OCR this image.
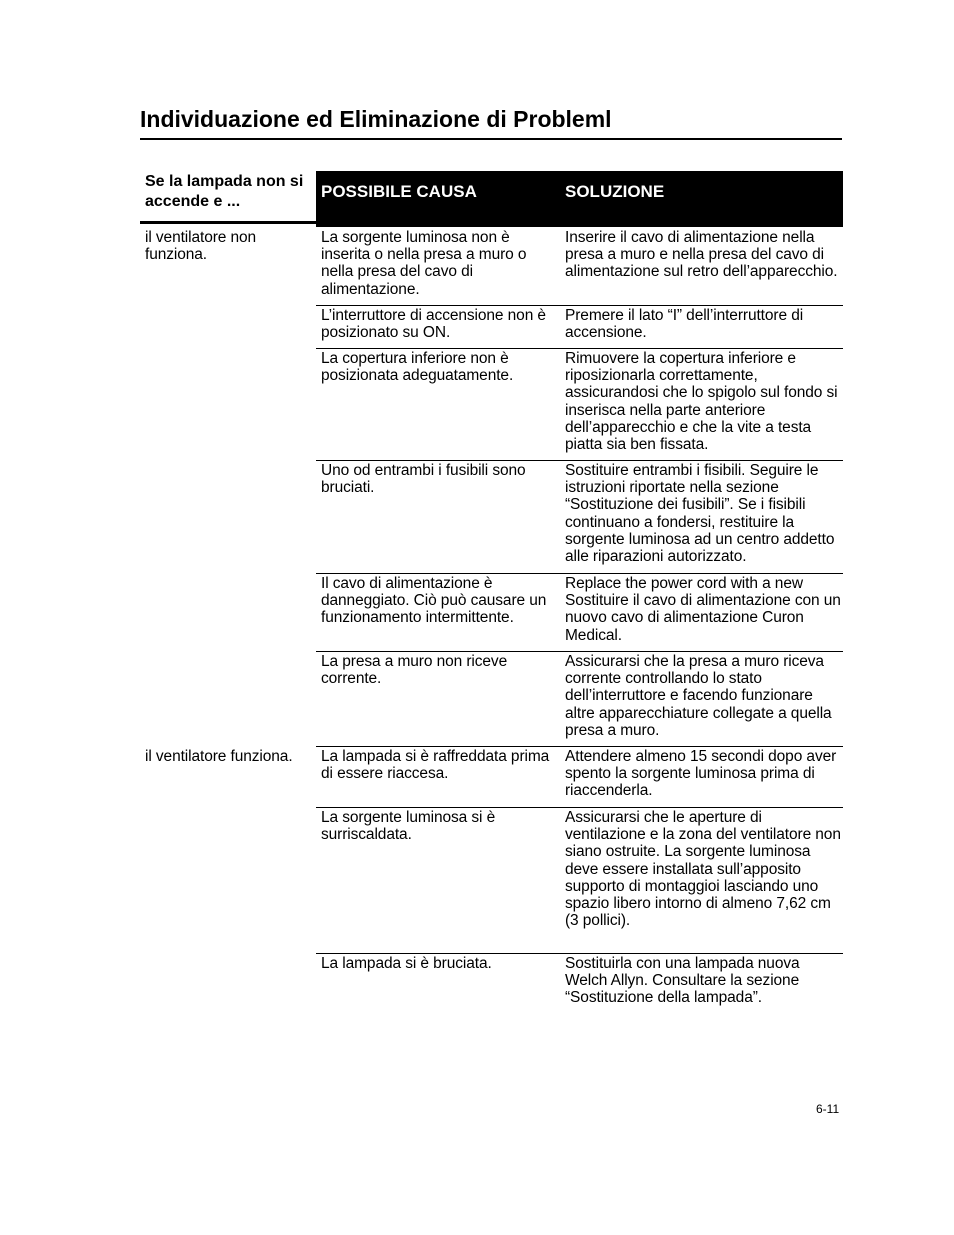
Individuazione ed Eliminazione di Probleml
Se la lampada non si accende e ...
POSSIBILE CAUSA	SOLUZIONE
il ventilatore non funziona.
il ventilatore funziona.
La sorgente luminosa non è inserita o nella presa a muro o nella presa del cavo di alimentazione.
Inserire il cavo di alimentazione nella presa a muro e nella presa del cavo di alimentazione sul retro dell’apparecchio.
L’interruttore di accensione non è posizionato su ON.
Premere il lato “I” dell’interruttore di accensione.
La copertura inferiore non è posizionata adeguatamente.
Rimuovere la copertura inferiore e riposizionarla correttamente, assicurandosi che lo spigolo sul fondo si inserisca nella parte anteriore dell’apparecchio e che la vite a testa piatta sia ben fissata.
Uno od entrambi i fusibili sono bruciati.
Sostituire entrambi i fisibili. Seguire le istruzioni riportate nella sezione “Sostituzione dei fusibili”. Se i fisibili continuano a fondersi, restituire la sorgente luminosa ad un centro addetto alle riparazioni autorizzato.
Il cavo di alimentazione è danneggiato. Ciò può causare un funzionamento intermittente.
Replace the power cord with a new Sostituire il cavo di alimentazione con un nuovo cavo di alimentazione Curon Medical.
La presa a muro non riceve corrente.
Assicurarsi che la presa a muro riceva corrente controllando lo stato dell’interruttore e facendo funzionare altre apparecchiature collegate a quella presa a muro.
La lampada si è raffreddata prima di essere riaccesa.
Attendere almeno 15 secondi dopo aver spento la sorgente luminosa prima di riaccenderla.
La sorgente luminosa si è surriscaldata.
Assicurarsi che le aperture di ventilazione e la zona del ventilatore non siano ostruite. La sorgente luminosa deve essere installata sull’apposito supporto di montaggioi lasciando uno spazio libero intorno di almeno 7,62 cm (3 pollici).
La lampada si è bruciata.	Sostituirla con una lampada nuova Welch Allyn. Consultare la sezione “Sostituzione della lampada”.
6-11
